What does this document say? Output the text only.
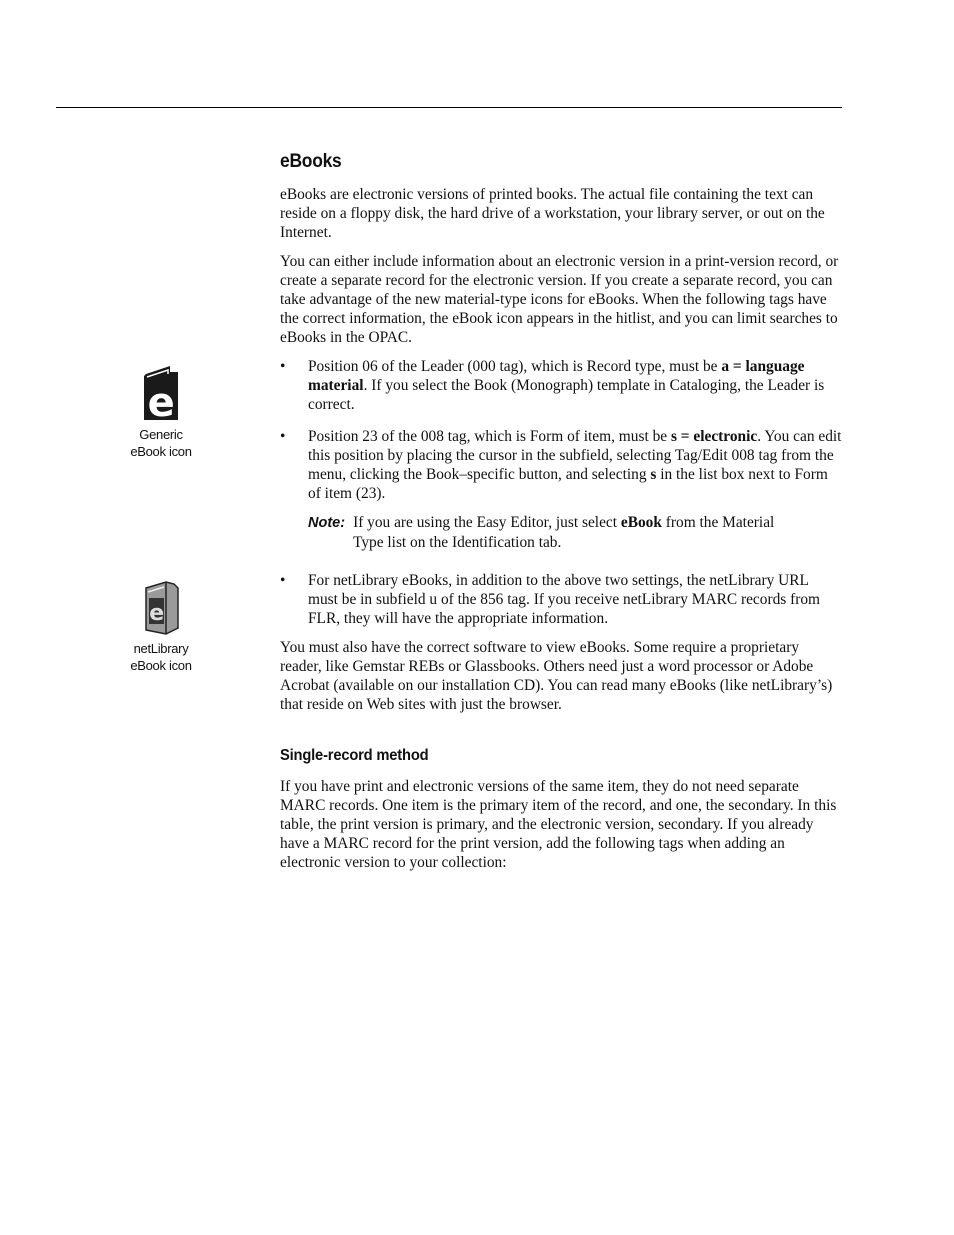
e
Generic
eBook icon
e
netLibrary
eBook icon
eBooks

eBooks are electronic versions of printed books. The actual file containing the text can reside on a floppy disk, the hard drive of a workstation, your library server, or out on the Internet.

You can either include information about an electronic version in a print-version record, or create a separate record for the electronic version. If you create a separate record, you can take advantage of the new material-type icons for eBooks. When the following tags have the correct information, the eBook icon appears in the hitlist, and you can limit searches to eBooks in the OPAC.

• Position 06 of the Leader (000 tag), which is Record type, must be a = language material. If you select the Book (Monograph) template in Cataloging, the Leader is correct.
• Position 23 of the 008 tag, which is Form of item, must be s = electronic. You can edit this position by placing the cursor in the subfield, selecting Tag/Edit 008 tag from the menu, clicking the Book–specific button, and selecting s in the list box next to Form of item (23).
Note: If you are using the Easy Editor, just select eBook from the Material
Type list on the Identification tab.
• For netLibrary eBooks, in addition to the above two settings, the netLibrary URL must be in subfield u of the 856 tag. If you receive netLibrary MARC records from FLR, they will have the appropriate information.

You must also have the correct software to view eBooks. Some require a proprietary reader, like Gemstar REBs or Glassbooks. Others need just a word processor or Adobe Acrobat (available on our installation CD). You can read many eBooks (like netLibrary’s) that reside on Web sites with just the browser.

Single-record method

If you have print and electronic versions of the same item, they do not need separate MARC records. One item is the primary item of the record, and one, the secondary. In this table, the print version is primary, and the electronic version, secondary. If you already have a MARC record for the print version, add the following tags when adding an electronic version to your collection:
